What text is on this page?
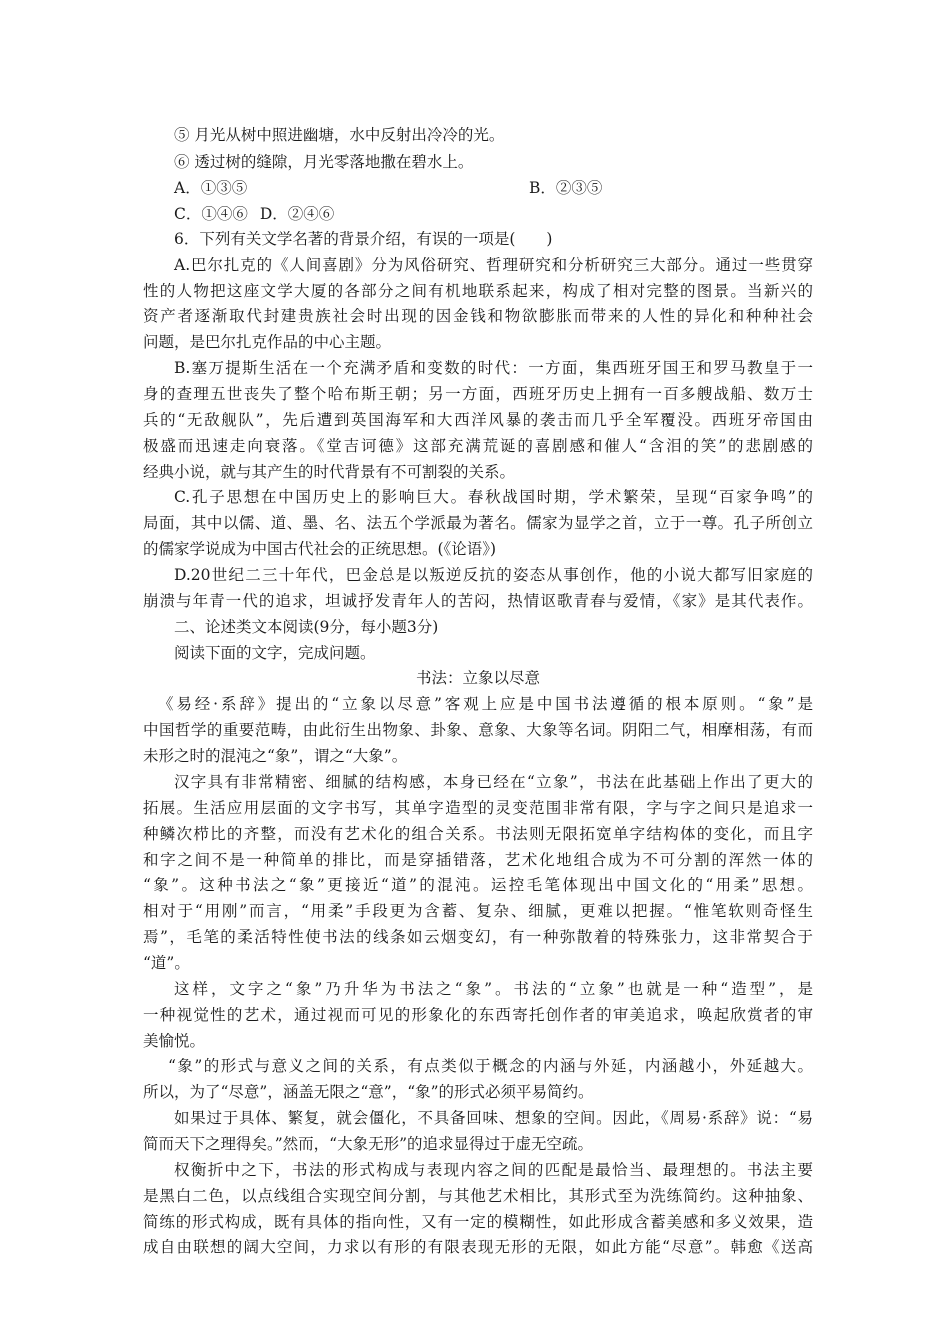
⑤ 月光从树中照进幽塘，水中反射出冷冷的光。
⑥ 透过树的缝隙，月光零落地撒在碧水上。
A．①③⑤	B．②③⑤
C．①④⑥ D．②④⑥
6．下列有关文学名著的背景介绍，有误的一项是(　　)
A.巴尔扎克的《人间喜剧》分为风俗研究、哲理研究和分析研究三大部分。通过一些贯穿
性的人物把这座文学大厦的各部分之间有机地联系起来，构成了相对完整的图景。当新兴的
资产者逐渐取代封建贵族社会时出现的因金钱和物欲膨胀而带来的人性的异化和种种社会
问题，是巴尔扎克作品的中心主题。
B.塞万提斯生活在一个充满矛盾和变数的时代：一方面，集西班牙国王和罗马教皇于一
身的查理五世丧失了整个哈布斯王朝；另一方面，西班牙历史上拥有一百多艘战船、数万士
兵的“无敌舰队”，先后遭到英国海军和大西洋风暴的袭击而几乎全军覆没。西班牙帝国由
极盛而迅速走向衰落。《堂吉诃德》这部充满荒诞的喜剧感和催人“含泪的笑”的悲剧感的
经典小说，就与其产生的时代背景有不可割裂的关系。
C.孔子思想在中国历史上的影响巨大。春秋战国时期，学术繁荣，呈现“百家争鸣”的
局面，其中以儒、道、墨、名、法五个学派最为著名。儒家为显学之首，立于一尊。孔子所创立
的儒家学说成为中国古代社会的正统思想。(《论语》)
D.20世纪二三十年代，巴金总是以叛逆反抗的姿态从事创作，他的小说大都写旧家庭的
崩溃与年青一代的追求，坦诚抒发青年人的苦闷，热情讴歌青春与爱情，《家》是其代表作。
二、论述类文本阅读(9分，每小题3分)
阅读下面的文字，完成问题。
书法：立象以尽意
《易经·系辞》提出的“立象以尽意”客观上应是中国书法遵循的根本原则。“象”是
中国哲学的重要范畴，由此衍生出物象、卦象、意象、大象等名词。阴阳二气，相摩相荡，有而
未形之时的混沌之“象”，谓之“大象”。
汉字具有非常精密、细腻的结构感，本身已经在“立象”，书法在此基础上作出了更大的
拓展。生活应用层面的文字书写，其单字造型的灵变范围非常有限，字与字之间只是追求一
种鳞次栉比的齐整，而没有艺术化的组合关系。书法则无限拓宽单字结构体的变化，而且字
和字之间不是一种简单的排比，而是穿插错落，艺术化地组合成为不可分割的浑然一体的
“象”。这种书法之“象”更接近“道”的混沌。运控毛笔体现出中国文化的“用柔”思想。
相对于“用刚”而言，“用柔”手段更为含蓄、复杂、细腻，更难以把握。“惟笔软则奇怪生
焉”，毛笔的柔活特性使书法的线条如云烟变幻，有一种弥散着的特殊张力，这非常契合于
“道”。
这样，文字之“象”乃升华为书法之“象”。书法的“立象”也就是一种“造型”，是
一种视觉性的艺术，通过视而可见的形象化的东西寄托创作者的审美追求，唤起欣赏者的审
美愉悦。
“象”的形式与意义之间的关系，有点类似于概念的内涵与外延，内涵越小，外延越大。
所以，为了“尽意”，涵盖无限之“意”，“象”的形式必须平易简约。
如果过于具体、繁复，就会僵化，不具备回味、想象的空间。因此，《周易·系辞》说：“易
简而天下之理得矣。”然而，“大象无形”的追求显得过于虚无空疏。
权衡折中之下，书法的形式构成与表现内容之间的匹配是最恰当、最理想的。书法主要
是黑白二色，以点线组合实现空间分割，与其他艺术相比，其形式至为洗练简约。这种抽象、
简练的形式构成，既有具体的指向性，又有一定的模糊性，如此形成含蓄美感和多义效果，造
成自由联想的阔大空间，力求以有形的有限表现无形的无限，如此方能“尽意”。韩愈《送高
